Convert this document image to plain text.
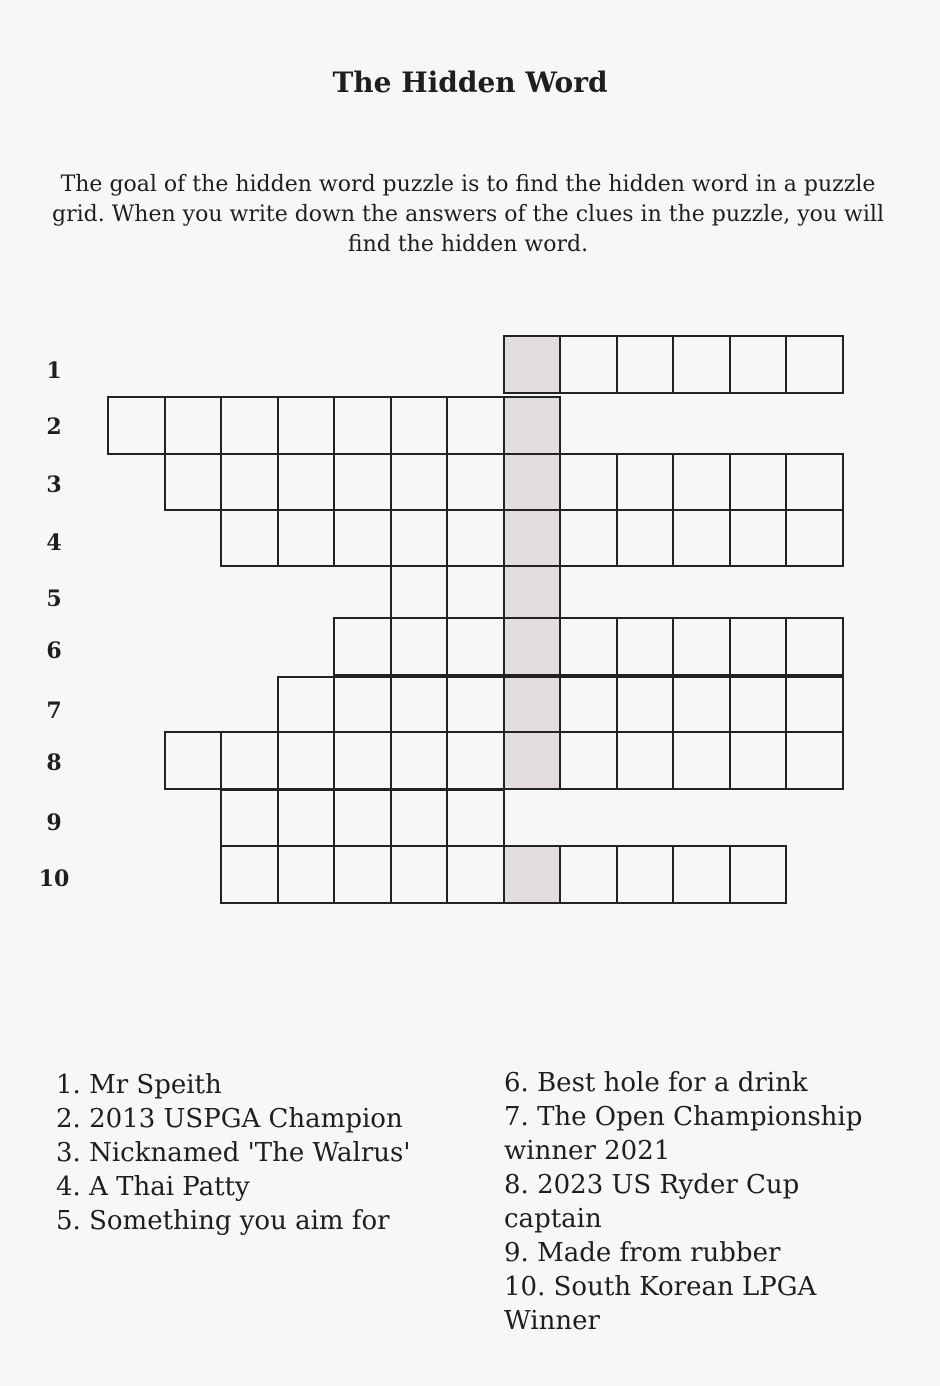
The Hidden Word
The goal of the hidden word puzzle is to find the hidden word in a puzzle grid. When you write down the answers of the clues in the puzzle, you will find the hidden word.
1
2
3
4
5
6
7
8
9
10
1. Mr Speith
2. 2013 USPGA Champion
3. Nicknamed 'The Walrus'
4. A Thai Patty
5. Something you aim for
6. Best hole for a drink
7. The Open Championship winner 2021
8. 2023 US Ryder Cup captain
9. Made from rubber
10. South Korean LPGA Winner
